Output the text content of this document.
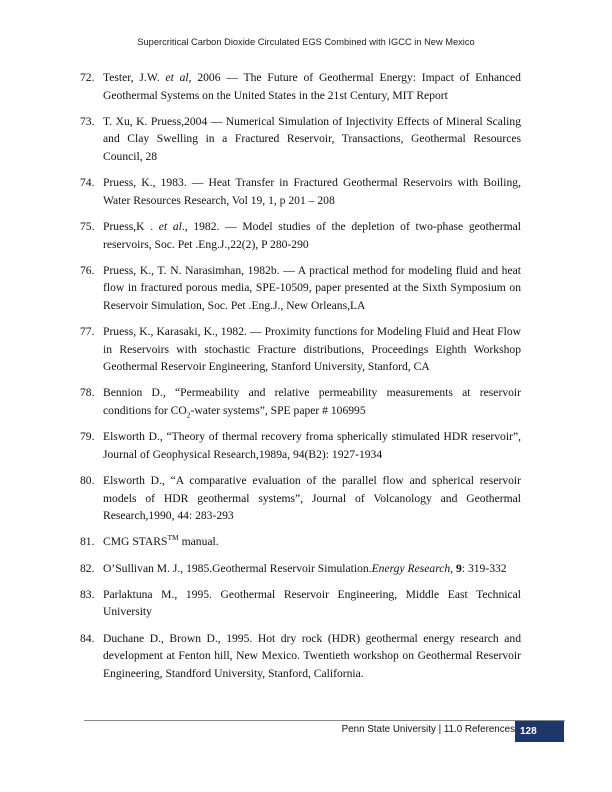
Supercritical Carbon Dioxide Circulated EGS Combined with IGCC in New Mexico
72. Tester, J.W. et al, 2006 — The Future of Geothermal Energy: Impact of Enhanced Geothermal Systems on the United States in the 21st Century, MIT Report
73. T. Xu, K. Pruess,2004 — Numerical Simulation of Injectivity Effects of Mineral Scaling and Clay Swelling in a Fractured Reservoir, Transactions, Geothermal Resources Council, 28
74. Pruess, K., 1983. — Heat Transfer in Fractured Geothermal Reservoirs with Boiling, Water Resources Research, Vol 19, 1, p 201 – 208
75. Pruess,K . et al., 1982. — Model studies of the depletion of two-phase geothermal reservoirs, Soc. Pet .Eng.J.,22(2), P 280-290
76. Pruess, K., T. N. Narasimhan, 1982b. — A practical method for modeling fluid and heat flow in fractured porous media, SPE-10509, paper presented at the Sixth Symposium on Reservoir Simulation, Soc. Pet .Eng.J., New Orleans,LA
77. Pruess, K., Karasaki, K., 1982. — Proximity functions for Modeling Fluid and Heat Flow in Reservoirs with stochastic Fracture distributions, Proceedings Eighth Workshop Geothermal Reservoir Engineering, Stanford University, Stanford, CA
78. Bennion D., “Permeability and relative permeability measurements at reservoir conditions for $CO_2$-water systems”, SPE paper # 106995
79. Elsworth D., “Theory of thermal recovery froma spherically stimulated HDR reservoir”, Journal of Geophysical Research,1989a, 94(B2): 1927-1934
80. Elsworth D., “A comparative evaluation of the parallel flow and spherical reservoir models of HDR geothermal systems”, Journal of Volcanology and Geothermal Research,1990, 44: 283-293
81. CMG STARS™ manual.
82. O’Sullivan M. J., 1985.Geothermal Reservoir Simulation.Energy Research, 9: 319-332
83. Parlaktuna M., 1995. Geothermal Reservoir Engineering, Middle East Technical University
84. Duchane D., Brown D., 1995. Hot dry rock (HDR) geothermal energy research and development at Fenton hill, New Mexico. Twentieth workshop on Geothermal Reservoir Engineering, Standford University, Stanford, California.
Penn State University | 11.0 References 128
